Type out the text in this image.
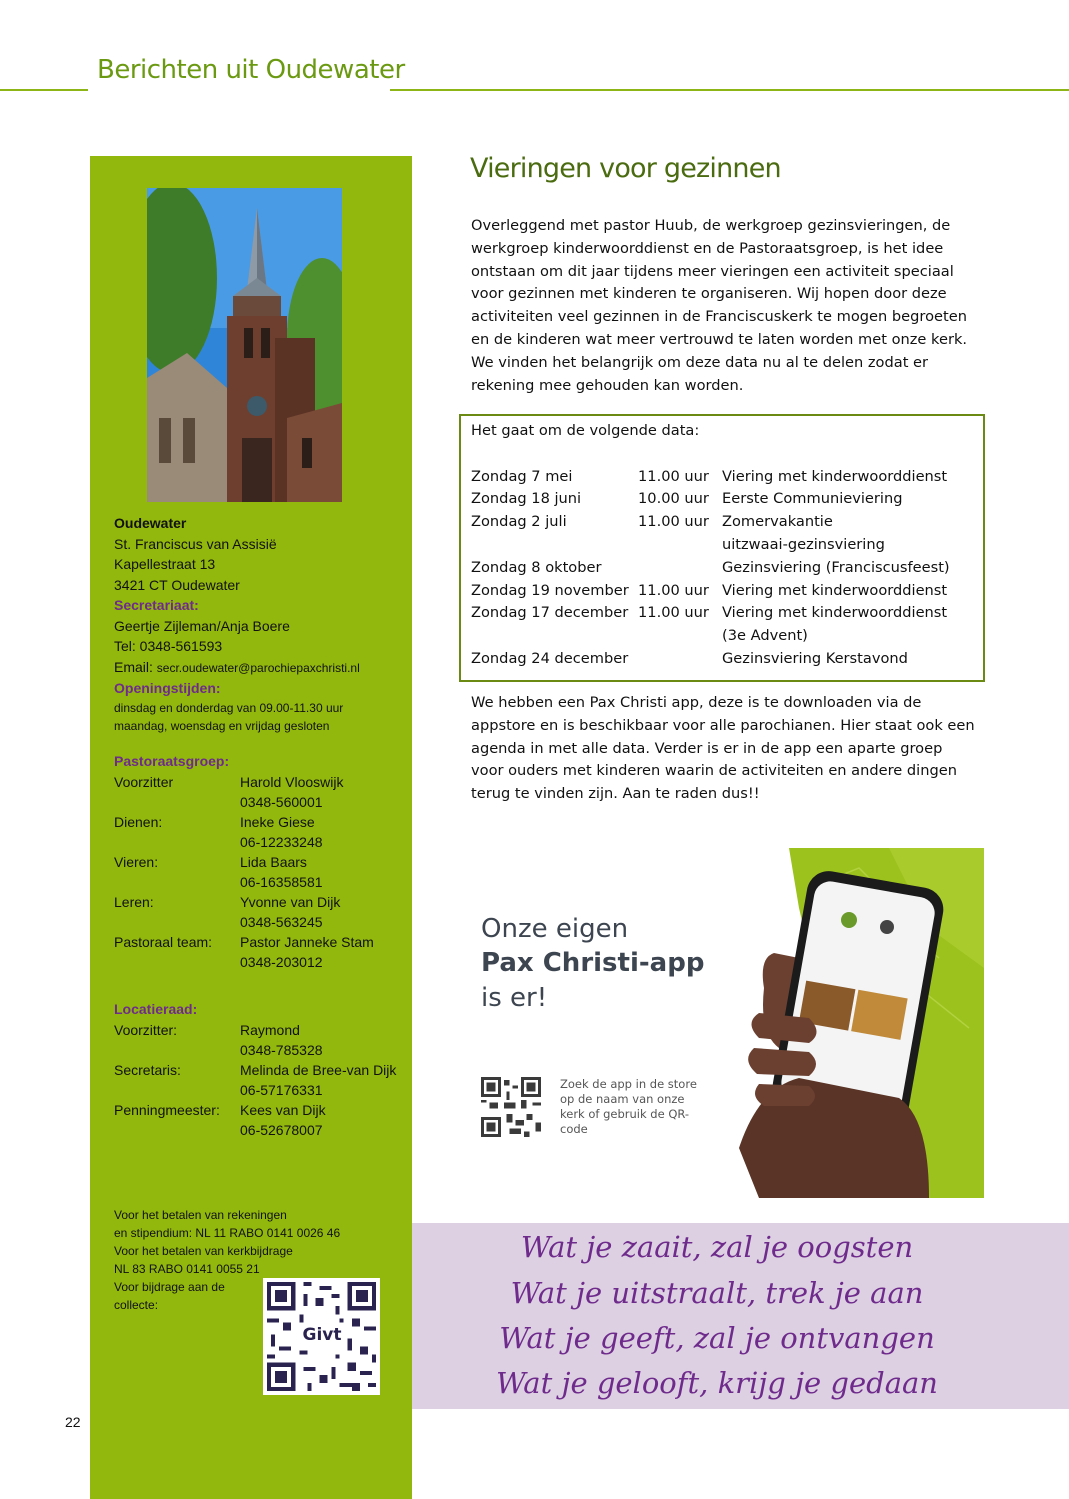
Berichten uit Oudewater
Oudewater
St. Franciscus van Assisië
Kapellestraat 13
3421 CT Oudewater
Secretariaat:
Geertje Zijleman/Anja Boere
Tel: 0348-561593
Email: secr.oudewater@parochiepaxchristi.nl
Openingstijden:
dinsdag en donderdag van 09.00-11.30 uur
maandag, woensdag en vrijdag gesloten
Pastoraatsgroep:
Voorzitter	Harold Vlooswijk
0348-560001
Dienen:	Ineke Giese
06-12233248
Vieren:	Lida Baars
06-16358581
Leren:	Yvonne van Dijk
0348-563245
Pastoraal team: Pastor Janneke Stam
0348-203012
Locatieraad:
Voorzitter:	Raymond
0348-785328
Secretaris:	Melinda de Bree-van Dijk
06-57176331
Penningmeester: Kees van Dijk
06-52678007
Voor het betalen van rekeningen
en stipendium: NL 11 RABO 0141 0026 46
Voor het betalen van kerkbijdrage
NL 83 RABO 0141 0055 21
Voor bijdrage aan de
collecte:
Givt
22
Vieringen voor gezinnen
Overleggend met pastor Huub, de werkgroep gezinsvieringen, de werkgroep kinderwoorddienst en de Pastoraatsgroep, is het idee ontstaan om dit jaar tijdens meer vieringen een activiteit speciaal voor gezinnen met kinderen te organiseren. Wij hopen door deze activiteiten veel gezinnen in de Franciscuskerk te mogen begroeten en de kinderen wat meer vertrouwd te laten worden met onze kerk. We vinden het belangrijk om deze data nu al te delen zodat er rekening mee gehouden kan worden.
Het gaat om de volgende data:
Zondag 7 mei	11.00 uur Viering met kinderwoorddienst
Zondag 18 juni	10.00 uur Eerste Communieviering
Zondag 2 juli	11.00 uur Zomervakantie
uitzwaai-gezinsviering
Zondag 8 oktober	Gezinsviering (Franciscusfeest)
Zondag 19 november 11.00 uur Viering met kinderwoorddienst
Zondag 17 december 11.00 uur Viering met kinderwoorddienst
(3e Advent)
Zondag 24 december	Gezinsviering Kerstavond
We hebben een Pax Christi app, deze is te downloaden via de appstore en is beschikbaar voor alle parochianen. Hier staat ook een agenda in met alle data. Verder is er in de app een aparte groep voor ouders met kinderen waarin de activiteiten en andere dingen terug te vinden zijn. Aan te raden dus!!
Onze eigen
Pax Christi-app
is er!
Zoek de app in de store op de naam van onze kerk of gebruik de QR-code
Wat je zaait, zal je oogsten
Wat je uitstraalt, trek je aan
Wat je geeft, zal je ontvangen
Wat je gelooft, krijg je gedaan
